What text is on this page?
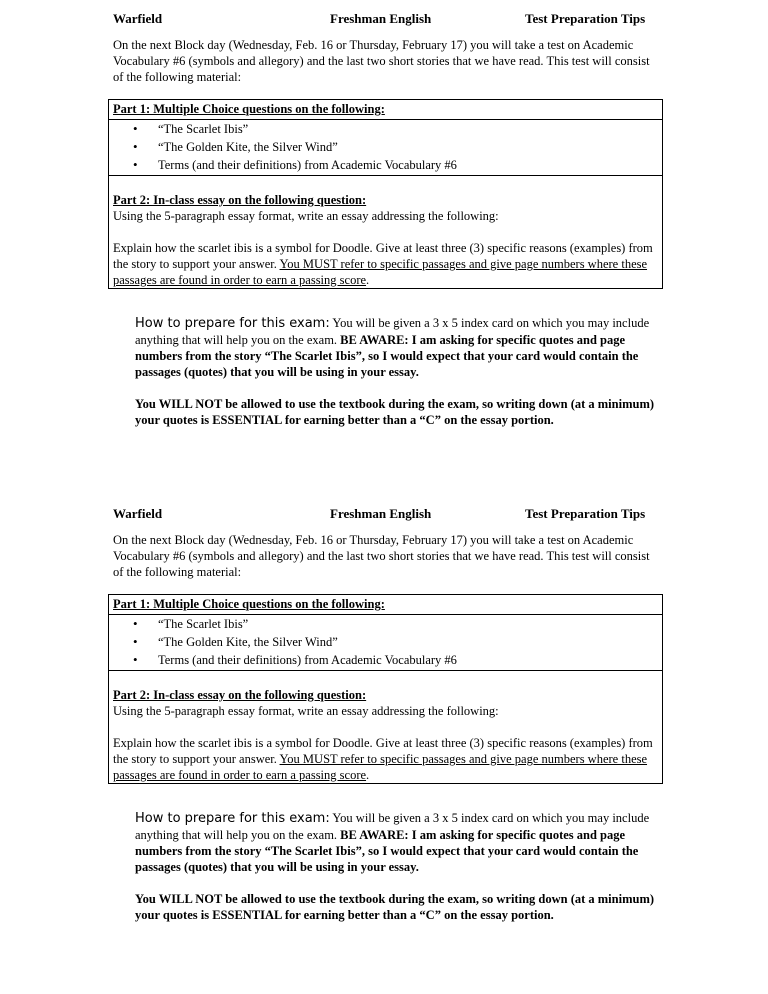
Warfield	Freshman English	Test Preparation Tips
On the next Block day (Wednesday, Feb. 16 or Thursday, February 17) you will take a test on Academic Vocabulary #6 (symbols and allegory) and the last two short stories that we have read. This test will consist of the following material:
Part 1: Multiple Choice questions on the following:
• “The Scarlet Ibis”
• “The Golden Kite, the Silver Wind”
• Terms (and their definitions) from Academic Vocabulary #6
Part 2: In-class essay on the following question:
Using the 5-paragraph essay format, write an essay addressing the following:
Explain how the scarlet ibis is a symbol for Doodle. Give at least three (3) specific reasons (examples) from the story to support your answer. You MUST refer to specific passages and give page numbers where these passages are found in order to earn a passing score.
How to prepare for this exam: You will be given a 3 x 5 index card on which you may include anything that will help you on the exam. BE AWARE: I am asking for specific quotes and page numbers from the story “The Scarlet Ibis”, so I would expect that your card would contain the passages (quotes) that you will be using in your essay.
You WILL NOT be allowed to use the textbook during the exam, so writing down (at a minimum) your quotes is ESSENTIAL for earning better than a “C” on the essay portion.
Warfield	Freshman English	Test Preparation Tips
On the next Block day (Wednesday, Feb. 16 or Thursday, February 17) you will take a test on Academic Vocabulary #6 (symbols and allegory) and the last two short stories that we have read. This test will consist of the following material:
Part 1: Multiple Choice questions on the following:
• “The Scarlet Ibis”
• “The Golden Kite, the Silver Wind”
• Terms (and their definitions) from Academic Vocabulary #6
Part 2: In-class essay on the following question:
Using the 5-paragraph essay format, write an essay addressing the following:
Explain how the scarlet ibis is a symbol for Doodle. Give at least three (3) specific reasons (examples) from the story to support your answer. You MUST refer to specific passages and give page numbers where these passages are found in order to earn a passing score.
How to prepare for this exam: You will be given a 3 x 5 index card on which you may include anything that will help you on the exam. BE AWARE: I am asking for specific quotes and page numbers from the story “The Scarlet Ibis”, so I would expect that your card would contain the passages (quotes) that you will be using in your essay.
You WILL NOT be allowed to use the textbook during the exam, so writing down (at a minimum) your quotes is ESSENTIAL for earning better than a “C” on the essay portion.
